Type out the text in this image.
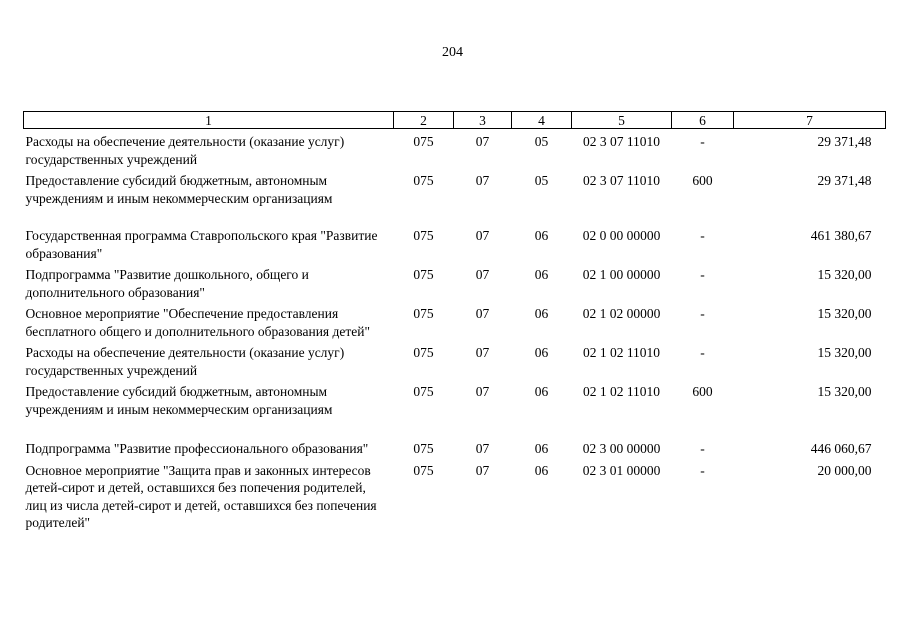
204
1	2	3	4	5	6	7
Расходы на обеспечение деятельности (оказание услуг) государственных учреждений	075	07	05	02 3 07 11010	-	29 371,48
Предоставление субсидий бюджетным, автономным учреждениям и иным некоммерческим организациям	075	07	05	02 3 07 11010	600	29 371,48
Государственная программа Ставропольского края "Развитие образования"	075	07	06	02 0 00 00000	-	461 380,67
Подпрограмма "Развитие дошкольного, общего и дополнительного образования"	075	07	06	02 1 00 00000	-	15 320,00
Основное мероприятие "Обеспечение предоставления бесплатного общего и дополнительного образования детей"	075	07	06	02 1 02 00000	-	15 320,00
Расходы на обеспечение деятельности (оказание услуг) государственных учреждений	075	07	06	02 1 02 11010	-	15 320,00
Предоставление субсидий бюджетным, автономным учреждениям и иным некоммерческим организациям	075	07	06	02 1 02 11010	600	15 320,00
Подпрограмма "Развитие профессионального образования"	075	07	06	02 3 00 00000	-	446 060,67
Основное мероприятие "Защита прав и законных интересов детей-сирот и детей, оставшихся без попечения родителей, лиц из числа детей-сирот и детей, оставшихся без попечения родителей"	075	07	06	02 3 01 00000	-	20 000,00
